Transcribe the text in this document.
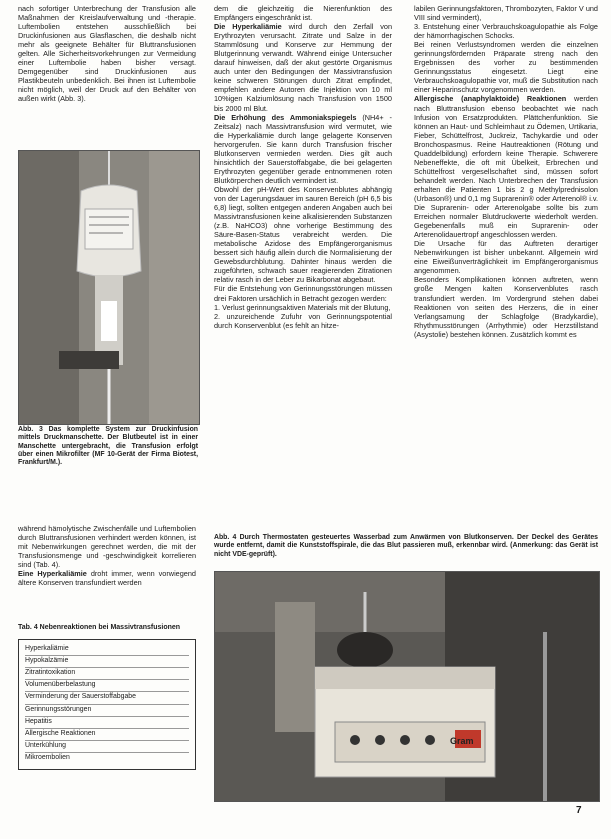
nach sofortiger Unterbrechung der Transfusion alle Maßnahmen der Kreislaufverwaltung und -therapie. Luftembolien entstehen ausschließlich bei Druckinfusionen aus Glasflaschen, die deshalb nicht mehr als geeignete Behälter für Bluttransfusionen gelten. Alle Sicherheitsvorkehrungen zur Vermeidung einer Luftembolie haben bisher versagt. Demgegenüber sind Druckinfusionen aus Plastikbeuteln unbedenklich. Bei ihnen ist Luftembolie nicht möglich, weil der Druck auf den Behälter von außen wirkt (Abb. 3).

Abb. 3 Das komplette System zur Druckinfusion mittels Druckmanschette. Der Blutbeutel ist in einer Manschette untergebracht, die Transfusion erfolgt über einen Mikrofilter (MF 10-Gerät der Firma Biotest, Frankfurt/M.).

während hämolytische Zwischenfälle und Luftembolien durch Bluttransfusionen verhindert werden können, ist mit Nebenwirkungen gerechnet werden, die mit der Transfusionsmenge und -geschwindigkeit korrelieren sind (Tab. 4).

Eine Hyperkaliämie droht immer, wenn vorwiegend ältere Konserven transfundiert werden

Tab. 4 Nebenreaktionen bei Massivtransfusionen
Hyperkaliämie
Hypokalzämie
Zitratintoxikation
Volumenüberbelastung
Verminderung der Sauerstoffabgabe
Gerinnungsstörungen
Hepatitis
Allergische Reaktionen
Unterkühlung
Mikroembolien

dem die gleichzeitig die Nierenfunktion des Empfängers eingeschränkt ist.

Die Hyperkaliämie wird durch den Zerfall von Erythrozyten verursacht. Zitrate und Salze in der Stammlösung und Konserve zur Hemmung der Blutgerinnung verwandt. Während einige Untersucher darauf hinweisen, daß der akut gestörte Organismus auch unter den Bedingungen der Massivtransfusion keine schweren Störungen durch Zitrat empfindet, empfehlen andere Autoren die Injektion von 10 ml 10%igen Kalziumlösung nach Transfusion von 1500 bis 2000 ml Blut.

Die Erhöhung des Ammoniakspiegels (NH4+ - Zeitsalz) nach Massivtransfusion wird vermutet, wie die Hyperkaliämie durch lange gelagerte Konserven hervorgerufen. Sie kann durch Transfusion frischer Blutkonserven vermieden werden. Dies gilt auch hinsichtlich der Sauerstoffabgabe, die bei gelagerten Erythrozyten gegenüber gerade entnommenen roten Blutkörperchen deutlich vermindert ist.

Obwohl der pH-Wert des Konservenblutes abhängig von der Lagerungsdauer im sauren Bereich (pH 6,5 bis 6,8) liegt, sollten entgegen anderen Angaben auch bei Massivtransfusionen keine alkalisierenden Substanzen (z.B. NaHCO3) ohne vorherige Bestimmung des Säure-Basen-Status verabreicht werden. Die metabolische Azidose des Empfängerorganismus bessert sich häufig allein durch die Normalisierung der Gewebsdurchblutung. Dahinter hinaus werden die zugeführten, schwach sauer reagierenden Zitrationen relativ rasch in der Leber zu Bikarbonat abgebaut.

Für die Entstehung von Gerinnungsstörungen müssen drei Faktoren ursächlich in Betracht gezogen werden:

1. Verlust gerinnungsaktiven Materials mit der Blutung,

2. unzureichende Zufuhr von Gerinnungspotential durch Konservenblut (es fehlt an hitze-

labilen Gerinnungsfaktoren, Thrombozyten, Faktor V und VIII sind vermindert),

3. Entstehung einer Verbrauchskoagulopathie als Folge der hämorrhagischen Schocks.

Bei reinen Verlustsyndromen werden die einzelnen gerinnungsfördernden Präparate streng nach den Ergebnissen des vorher zu bestimmenden Gerinnungsstatus eingesetzt. Liegt eine Verbrauchskoagulopathie vor, muß die Substitution nach einer Heparinschutz vorgenommen werden.

Allergische (anaphylaktoide) Reaktionen werden nach Bluttransfusion ebenso beobachtet wie nach Infusion von Ersatzprodukten. Plättchenfunktion. Sie können an Haut- und Schleimhaut zu Ödemen, Urtikaria, Fieber, Schüttelfrost, Juckreiz, Tachykardie und oder Bronchospasmus. Reine Hautreaktionen (Rötung und Quaddelbildung) erfordern keine Therapie. Schwerere Nebeneffekte, die oft mit Übelkeit, Erbrechen und Schüttelfrost vergesellschaftet sind, müssen sofort behandelt werden. Nach Unterbrechen der Transfusion erhalten die Patienten 1 bis 2 g Methylprednisolon (Urbason®) und 0,1 mg Suprarenin® oder Arterenol® i.v. Die Suprarenin- oder Arterenolgabe sollte bis zum Erreichen normaler Blutdruckwerte wiederholt werden. Gegebenenfalls muß ein Suprarenin- oder Arterenolidauertropf angeschlossen werden.

Die Ursache für das Auftreten derartiger Nebenwirkungen ist bisher unbekannt. Allgemein wird eine Eiweißunverträglichkeit im Empfängerorganismus angenommen.

Besonders Komplikationen können auftreten, wenn große Mengen kalten Konservenblutes rasch transfundiert werden. Im Vordergrund stehen dabei Reaktionen von seiten des Herzens, die in einer Verlangsamung der Schlagfolge (Bradykardie), Rhythmusstörungen (Arrhythmie) oder Herzstillstand (Asystolie) bestehen können. Zusätzlich kommt es

Abb. 4 Durch Thermostaten gesteuertes Wasserbad zum Anwärmen von Blutkonserven. Der Deckel des Gerätes wurde entfernt, damit die Kunststoffspirale, die das Blut passieren muß, erkennbar wird. (Anmerkung: das Gerät ist nicht VDE-geprüft).
Gram
7
